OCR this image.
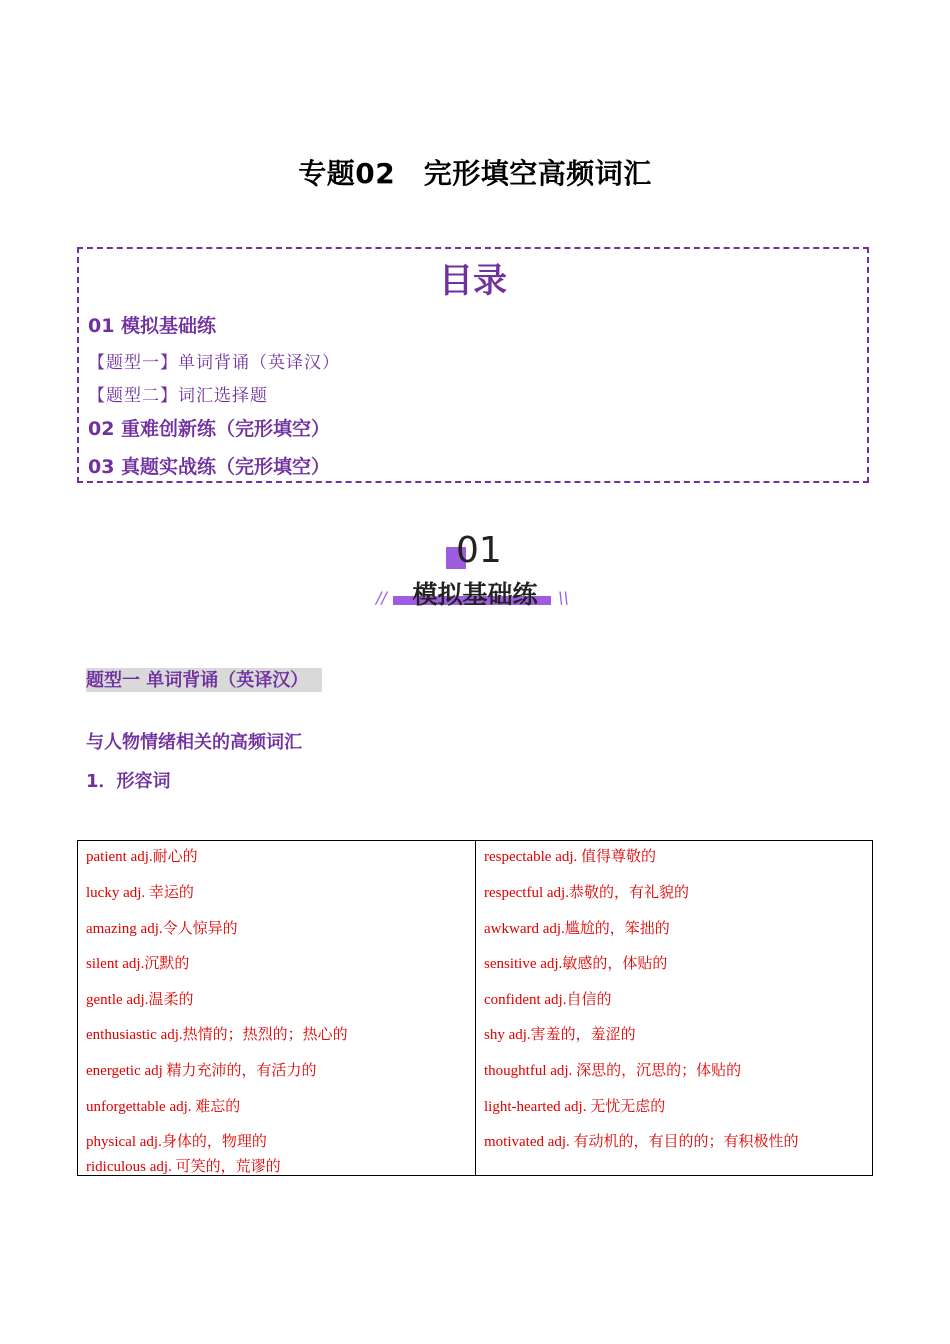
专题02　完形填空高频词汇
目录
01 模拟基础练
【题型一】单词背诵（英译汉）
【题型二】词汇选择题
02 重难创新练（完形填空）
03 真题实战练（完形填空）
01
模拟基础练
//	\\
题型一 单词背诵（英译汉）
与人物情绪相关的高频词汇
1．形容词
patient adj.耐心的
lucky adj. 幸运的
amazing adj.令人惊异的
silent adj.沉默的
gentle adj.温柔的
enthusiastic adj.热情的；热烈的；热心的
energetic adj 精力充沛的，有活力的
unforgettable adj. 难忘的
physical adj.身体的，物理的
ridiculous adj. 可笑的，荒谬的
respectable adj. 值得尊敬的
respectful adj.恭敬的，有礼貌的
awkward adj.尴尬的，笨拙的
sensitive adj.敏感的，体贴的
confident adj.自信的
shy adj.害羞的，羞涩的
thoughtful adj. 深思的，沉思的；体贴的
light-hearted adj. 无忧无虑的
motivated adj. 有动机的，有目的的；有积极性的
